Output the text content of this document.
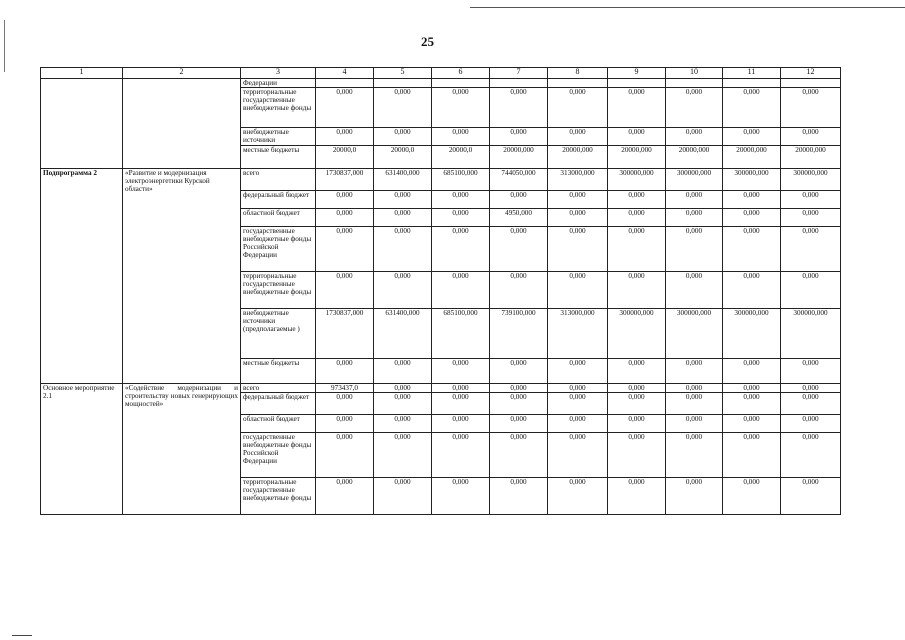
25
1	2	3	4	5	6	7	8	9	10	11	12
		Федерации									
		территориальные государственные внебюджетные фонды	0,000	0,000	0,000	0,000	0,000	0,000	0,000	0,000	0,000
		внебюджетные источники	0,000	0,000	0,000	0,000	0,000	0,000	0,000	0,000	0,000
		местные бюджеты	20000,0	20000,0	20000,0	20000,000	20000,000	20000,000	20000,000	20000,000	20000,000
Подпрограмма 2	«Развитие и модернизация электроэнергетики Курской области»	всего	1730837,000	631400,000	685100,000	744050,000	313000,000	300000,000	300000,000	300000,000	300000,000
		федеральный бюджет	0,000	0,000	0,000	0,000	0,000	0,000	0,000	0,000	0,000
		областной бюджет	0,000	0,000	0,000	4950,000	0,000	0,000	0,000	0,000	0,000
		государственные внебюджетные фонды Российской Федерации	0,000	0,000	0,000	0,000	0,000	0,000	0,000	0,000	0,000
		территориальные государственные внебюджетные фонды	0,000	0,000	0,000	0,000	0,000	0,000	0,000	0,000	0,000
		внебюджетные источники (предполагаемые )	1730837,000	631400,000	685100,000	739100,000	313000,000	300000,000	300000,000	300000,000	300000,000
		местные бюджеты	0,000	0,000	0,000	0,000	0,000	0,000	0,000	0,000	0,000
Основное мероприятие 2.1	«Содействие модернизации и строительству новых генерирующих мощностей»	всего	973437,0	0,000	0,000	0,000	0,000	0,000	0,000	0,000	0,000
		федеральный бюджет	0,000	0,000	0,000	0,000	0,000	0,000	0,000	0,000	0,000
		областной бюджет	0,000	0,000	0,000	0,000	0,000	0,000	0,000	0,000	0,000
		государственные внебюджетные фонды Российской Федерации	0,000	0,000	0,000	0,000	0,000	0,000	0,000	0,000	0,000
		территориальные государственные внебюджетные фонды	0,000	0,000	0,000	0,000	0,000	0,000	0,000	0,000	0,000
